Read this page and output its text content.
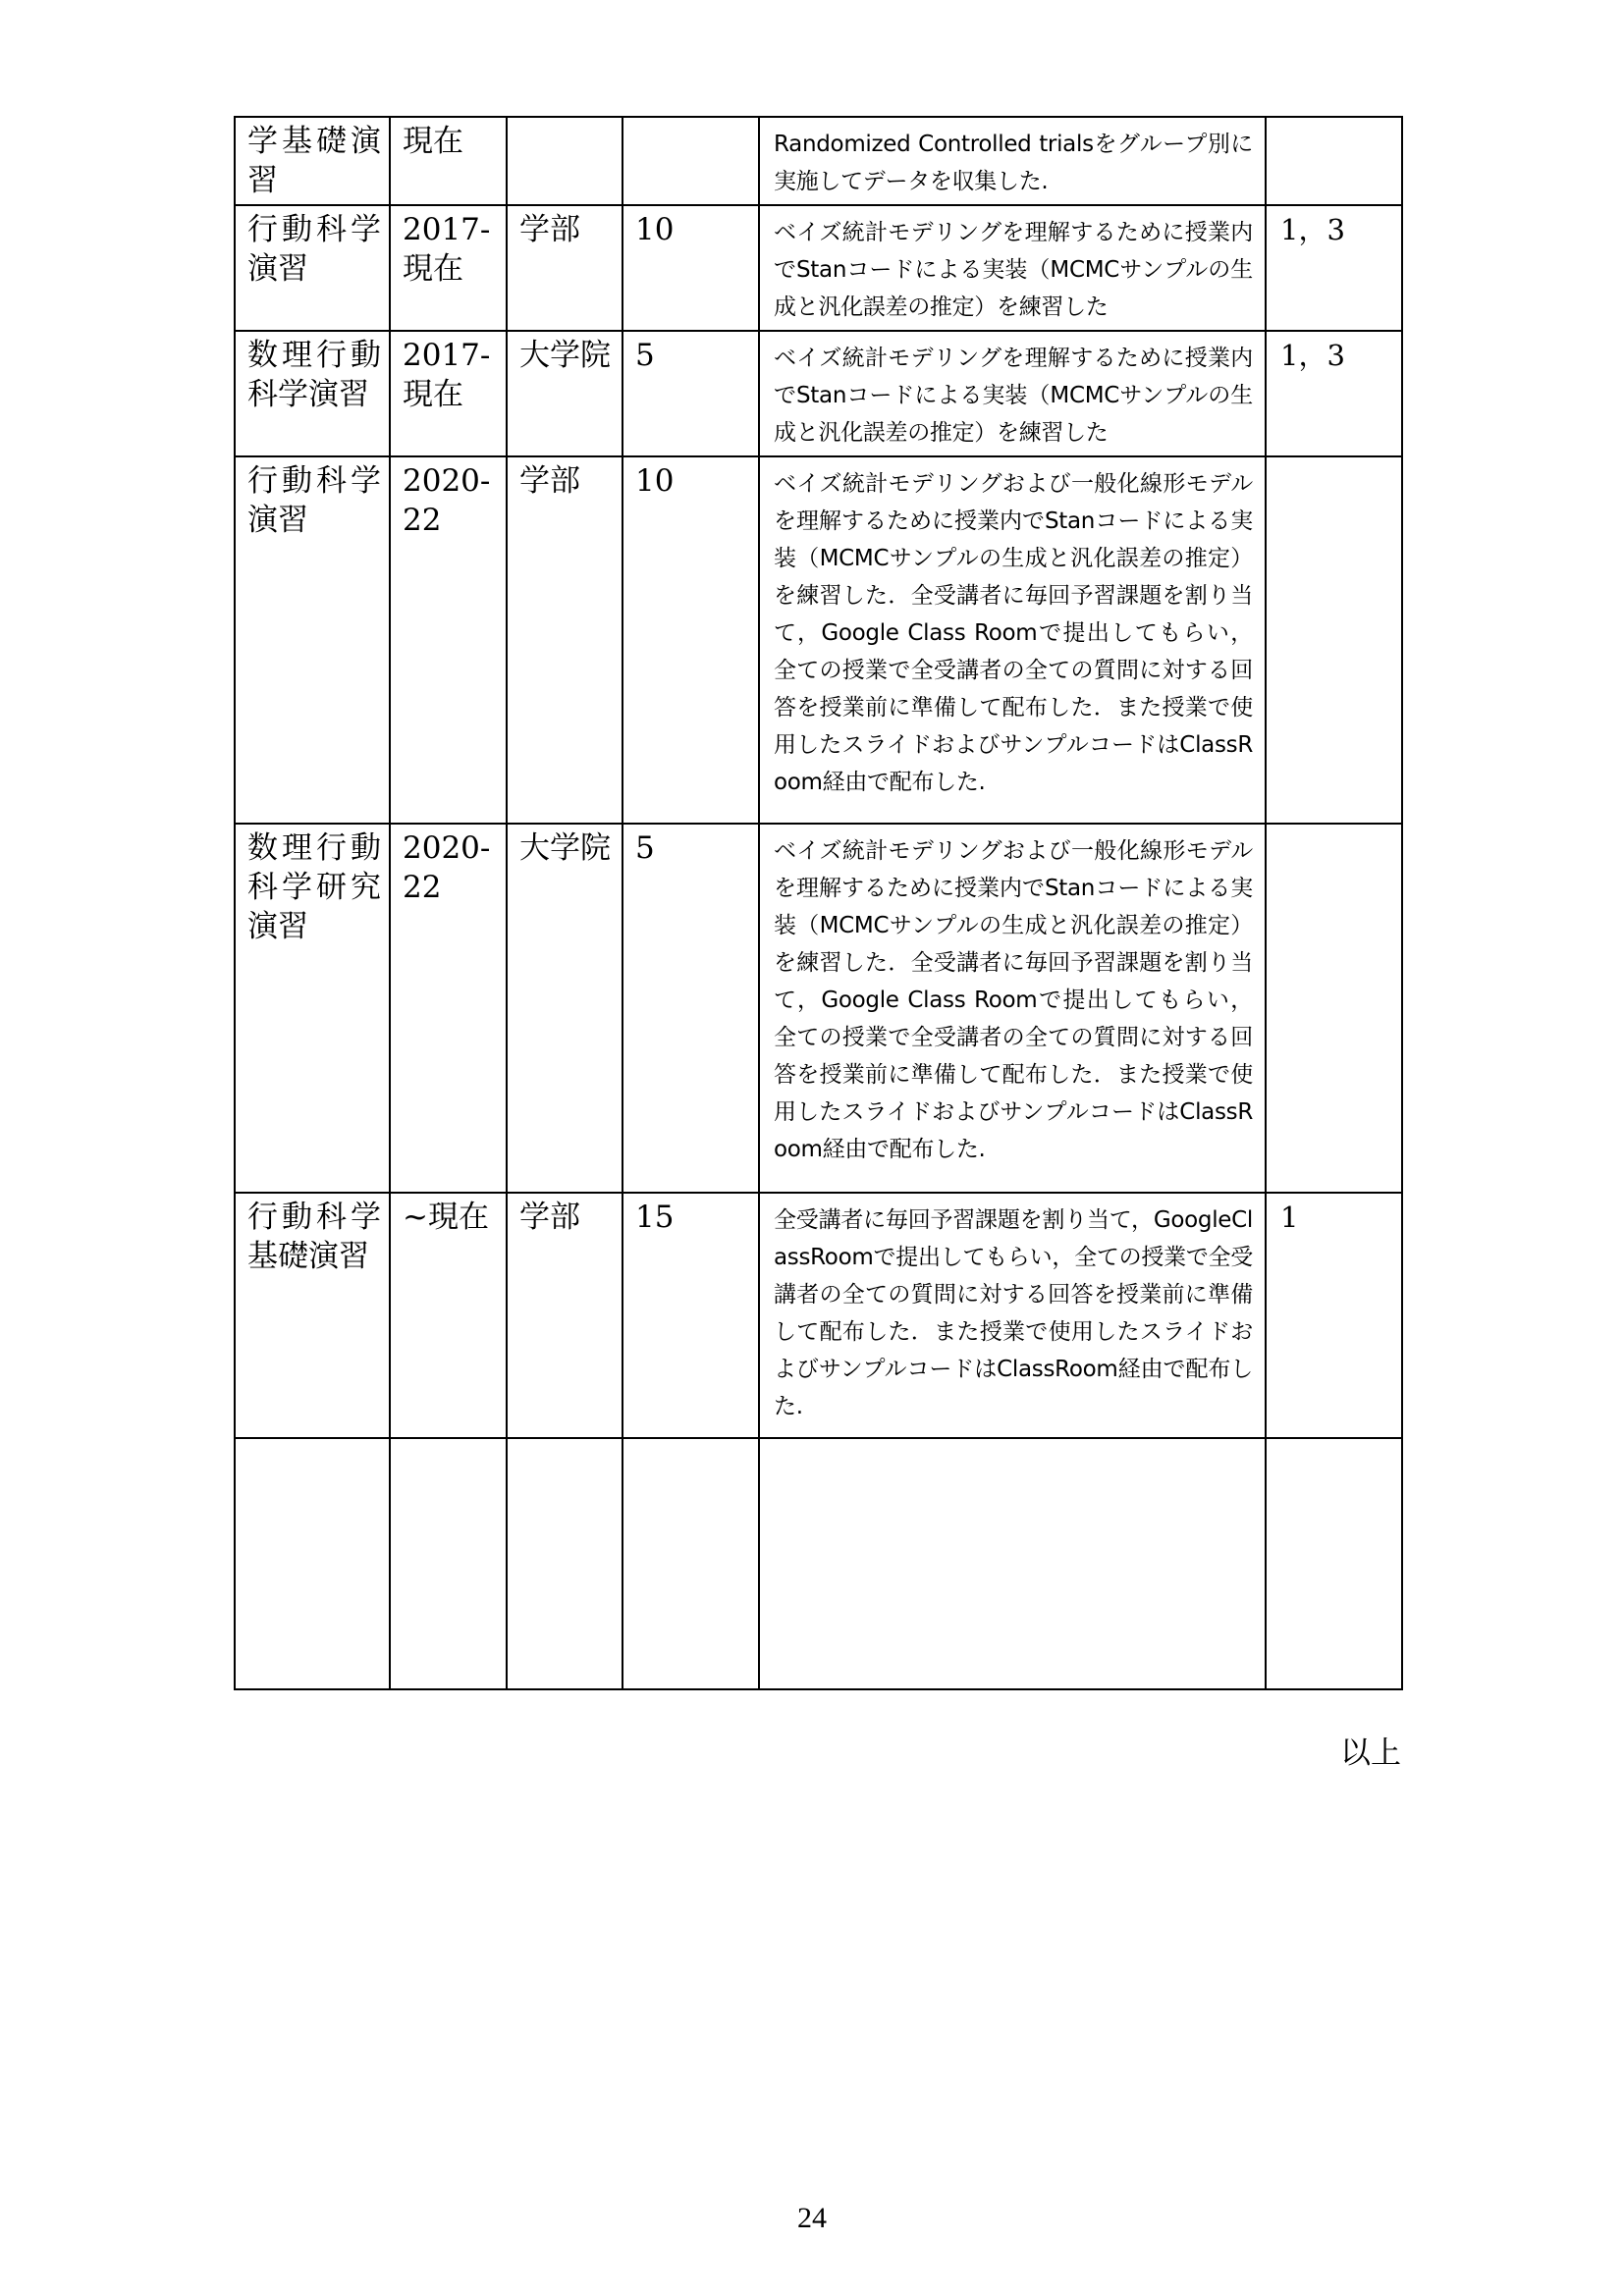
学基礎演習	現在			Randomized Controlled trialsをグループ別に実施してデータを収集した.	
行動科学演習	2017-現在	学部	10	ベイズ統計モデリングを理解するために授業内でStanコードによる実装（MCMCサンプルの生成と汎化誤差の推定）を練習した	1，3
数理行動科学演習	2017-現在	大学院	5	ベイズ統計モデリングを理解するために授業内でStanコードによる実装（MCMCサンプルの生成と汎化誤差の推定）を練習した	1，3
行動科学演習	2020-22	学部	10	ベイズ統計モデリングおよび一般化線形モデルを理解するために授業内でStanコードによる実装（MCMCサンプルの生成と汎化誤差の推定）を練習した．全受講者に毎回予習課題を割り当て，Google Class Roomで提出してもらい，全ての授業で全受講者の全ての質問に対する回答を授業前に準備して配布した．また授業で使用したスライドおよびサンプルコードはClassRoom経由で配布した.	
数理行動科学研究演習	2020-22	大学院	5	ベイズ統計モデリングおよび一般化線形モデルを理解するために授業内でStanコードによる実装（MCMCサンプルの生成と汎化誤差の推定）を練習した．全受講者に毎回予習課題を割り当て，Google Class Roomで提出してもらい，全ての授業で全受講者の全ての質問に対する回答を授業前に準備して配布した．また授業で使用したスライドおよびサンプルコードはClassRoom経由で配布した.	
行動科学基礎演習	~現在	学部	15	全受講者に毎回予習課題を割り当て，GoogleClassRoomで提出してもらい，全ての授業で全受講者の全ての質問に対する回答を授業前に準備して配布した．また授業で使用したスライドおよびサンプルコードはClassRoom経由で配布した.	1

以上
24
